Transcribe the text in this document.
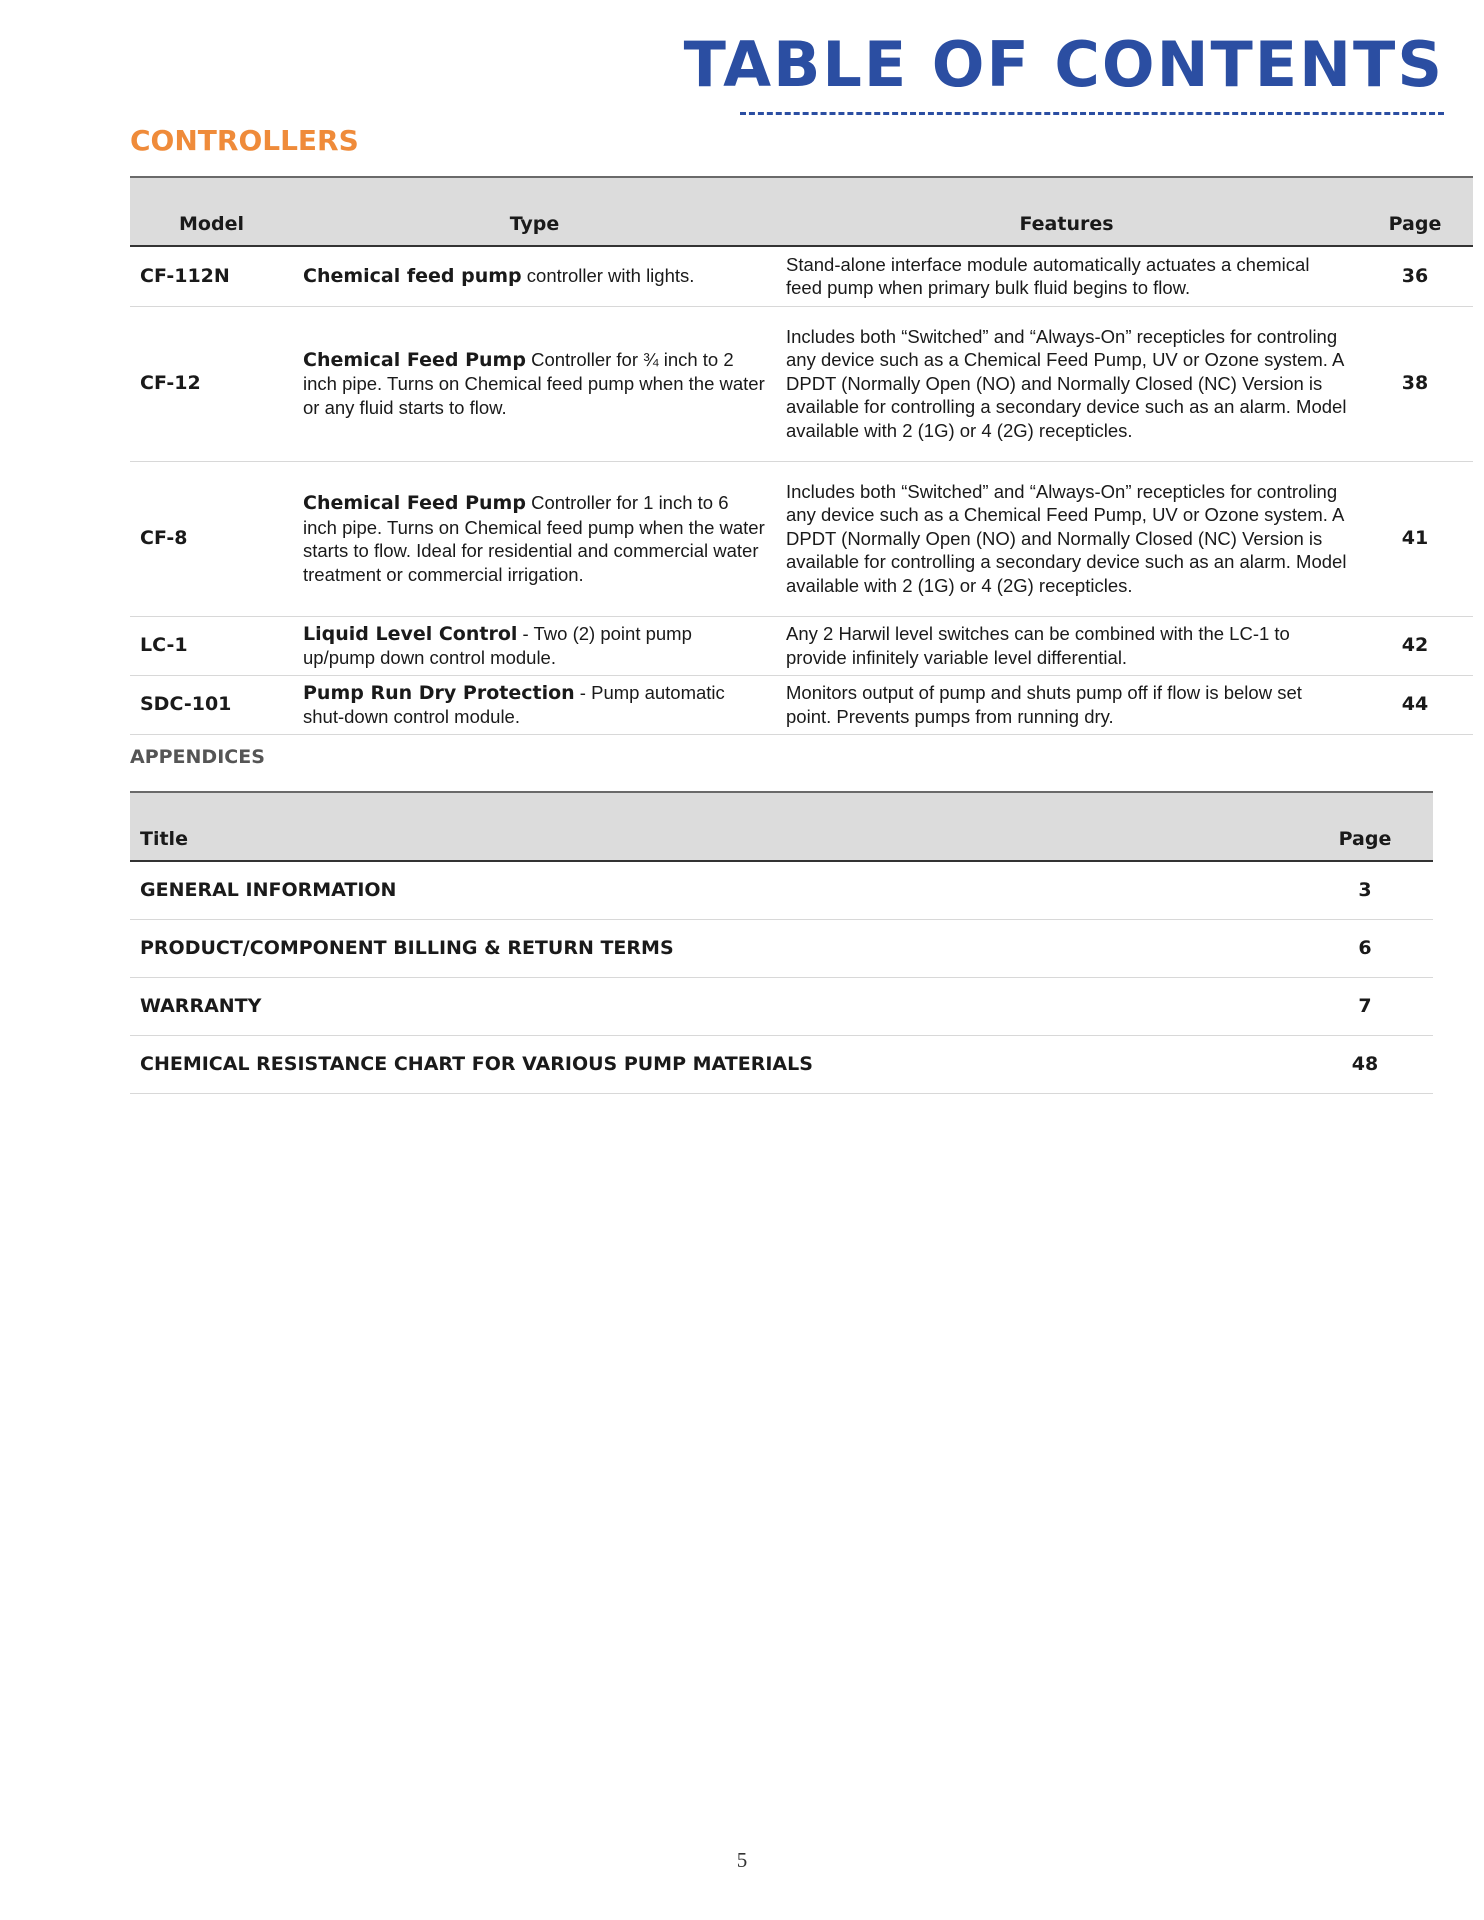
TABLE OF CONTENTS
CONTROLLERS
Model	Type	Features	Page
CF-112N	Chemical feed pump controller with lights.	Stand-alone interface module automatically actuates a chemical feed pump when primary bulk fluid begins to flow.	36
CF-12	Chemical Feed Pump Controller for ¾ inch to 2 inch pipe. Turns on Chemical feed pump when the water or any fluid starts to flow.	Includes both “Switched” and “Always-On” recepticles for controling any device such as a Chemical Feed Pump, UV or Ozone system. A DPDT (Normally Open (NO) and Normally Closed (NC) Version is available for controlling a secondary device such as an alarm. Model available with 2 (1G) or 4 (2G) recepticles.	38
CF-8	Chemical Feed Pump Controller for 1 inch to 6 inch pipe. Turns on Chemical feed pump when the water starts to flow. Ideal for residential and commercial water treatment or commercial irrigation.	Includes both “Switched” and “Always-On” recepticles for controling any device such as a Chemical Feed Pump, UV or Ozone system. A DPDT (Normally Open (NO) and Normally Closed (NC) Version is available for controlling a secondary device such as an alarm. Model available with 2 (1G) or 4 (2G) recepticles.	41
LC-1	Liquid Level Control - Two (2) point pump up/pump down control module.	Any 2 Harwil level switches can be combined with the LC-1 to provide infinitely variable level differential.	42
SDC-101	Pump Run Dry Protection - Pump automatic shut-down control module.	Monitors output of pump and shuts pump off if flow is below set point. Prevents pumps from running dry.	44
APPENDICES
Title	Page
GENERAL INFORMATION	3
PRODUCT/COMPONENT BILLING & RETURN TERMS	6
WARRANTY	7
CHEMICAL RESISTANCE CHART FOR VARIOUS PUMP MATERIALS	48
5
